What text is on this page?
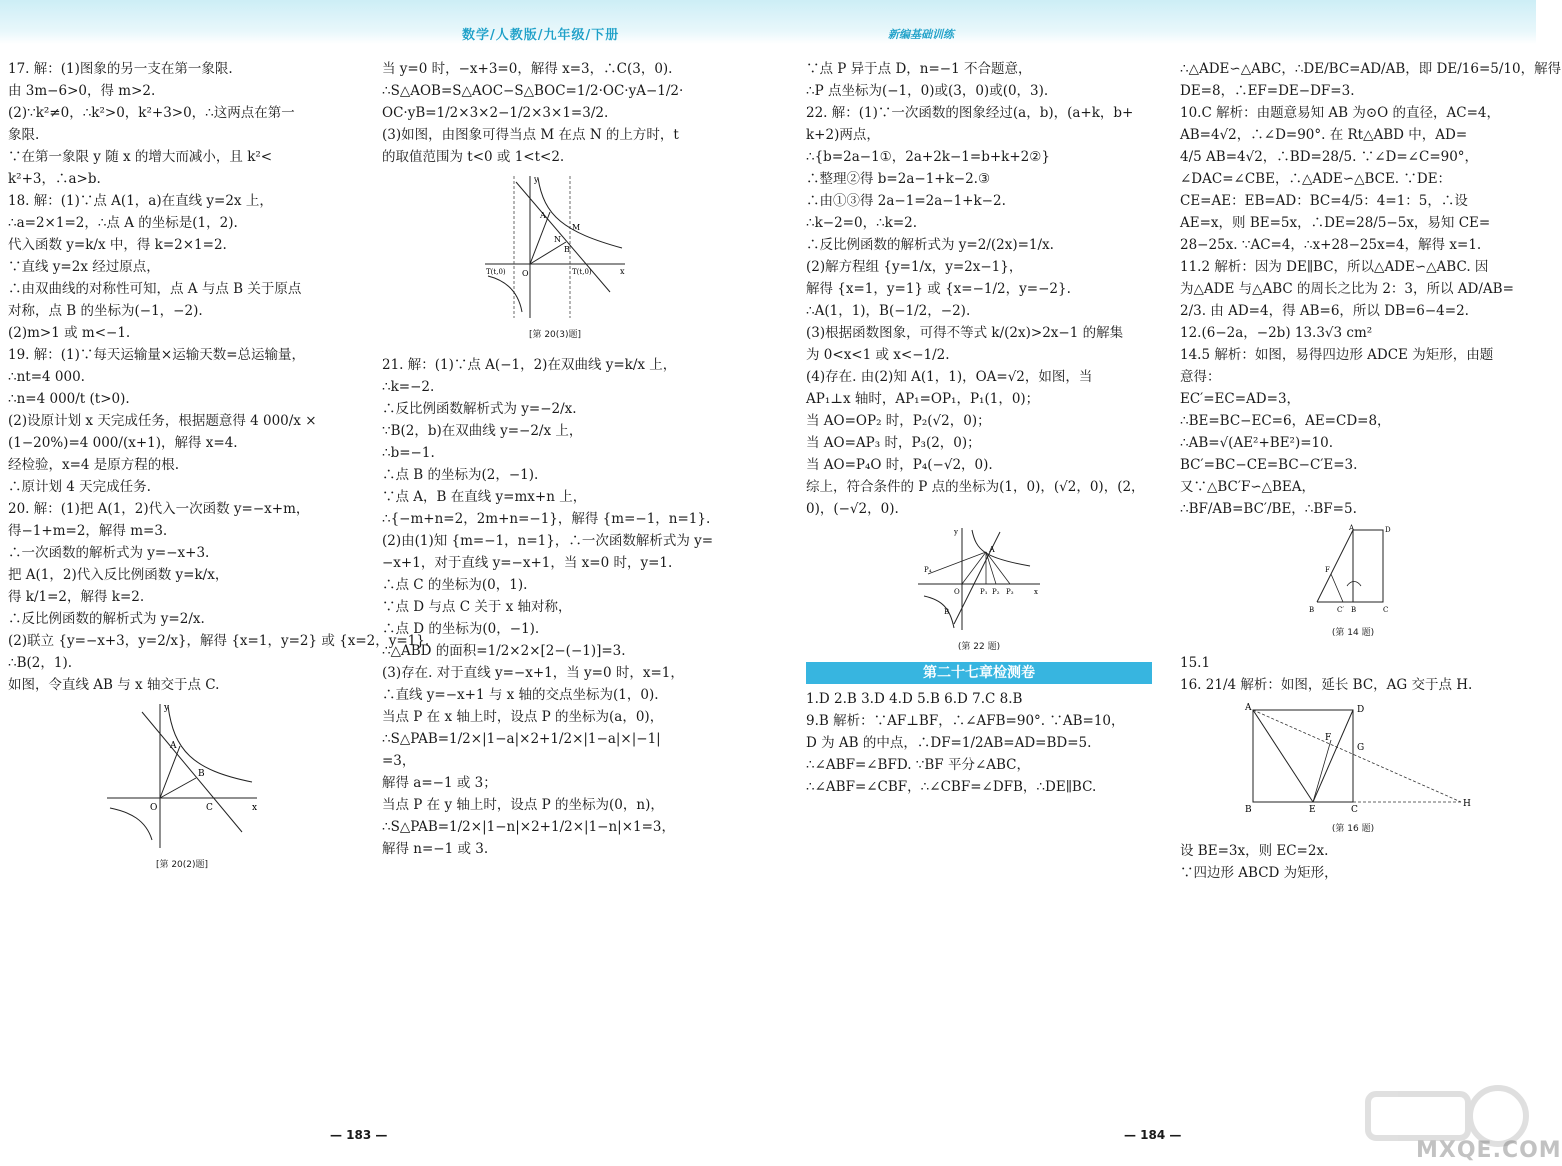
数学/人教版/九年级/下册	新编基础训练
17. 解：(1)图象的另一支在第一象限.
由 3m−6>0，得 m>2.
(2)∵k²≠0，∴k²>0，k²+3>0，∴这两点在第一
象限.
∵在第一象限 y 随 x 的增大而减小，且 k²<
k²+3，∴a>b.
18. 解：(1)∵点 A(1，a)在直线 y=2x 上，
∴a=2×1=2，∴点 A 的坐标是(1，2).
代入函数 y=k/x 中，得 k=2×1=2.
∵直线 y=2x 经过原点，
∴由双曲线的对称性可知，点 A 与点 B 关于原点
对称，点 B 的坐标为(−1，−2).
(2)m>1 或 m<−1.
19. 解：(1)∵每天运输量×运输天数=总运输量，
∴nt=4 000.
∴n=4 000/t (t>0).
(2)设原计划 x 天完成任务，根据题意得 4 000/x ×
(1−20%)=4 000/(x+1)，解得 x=4.
经检验，x=4 是原方程的根.
∴原计划 4 天完成任务.
20. 解：(1)把 A(1，2)代入一次函数 y=−x+m，
得−1+m=2，解得 m=3.
∴一次函数的解析式为 y=−x+3.
把 A(1，2)代入反比例函数 y=k/x，
得 k/1=2，解得 k=2.
∴反比例函数的解析式为 y=2/x.
(2)联立 {y=−x+3，y=2/x}，解得 {x=1，y=2} 或 {x=2，y=1}.
∴B(2，1).
如图，令直线 AB 与 x 轴交于点 C.
O
A
B
C	x
y
[第 20(2)题]
当 y=0 时，−x+3=0，解得 x=3，∴C(3，0).
∴S△AOB=S△AOC−S△BOC=1/2·OC·yA−1/2·
OC·yB=1/2×3×2−1/2×3×1=3/2.
(3)如图，由图象可得当点 M 在点 N 的上方时，t
的取值范围为 t<0 或 1<t<2.
O
A
B
M
N
T(t,0)	T(t,0)	x
y
[第 20(3)题]
21. 解：(1)∵点 A(−1，2)在双曲线 y=k/x 上，
∴k=−2.
∴反比例函数解析式为 y=−2/x.
∵B(2，b)在双曲线 y=−2/x 上，
∴b=−1.
∴点 B 的坐标为(2，−1).
∵点 A，B 在直线 y=mx+n 上，
∴{−m+n=2，2m+n=−1}，解得 {m=−1，n=1}.
(2)由(1)知 {m=−1，n=1}，∴一次函数解析式为 y=
−x+1，对于直线 y=−x+1，当 x=0 时，y=1.
∴点 C 的坐标为(0，1).
∵点 D 与点 C 关于 x 轴对称，
∴点 D 的坐标为(0，−1).
∴△ABD 的面积=1/2×2×[2−(−1)]=3.
(3)存在. 对于直线 y=−x+1，当 y=0 时，x=1，
∴直线 y=−x+1 与 x 轴的交点坐标为(1，0).
当点 P 在 x 轴上时，设点 P 的坐标为(a，0)，
∴S△PAB=1/2×|1−a|×2+1/2×|1−a|×|−1|
=3，
解得 a=−1 或 3；
当点 P 在 y 轴上时，设点 P 的坐标为(0，n)，
∴S△PAB=1/2×|1−n|×2+1/2×|1−n|×1=3，
解得 n=−1 或 3.
∵点 P 异于点 D，n=−1 不合题意，
∴P 点坐标为(−1，0)或(3，0)或(0，3).
22. 解：(1)∵一次函数的图象经过(a，b)，(a+k，b+
k+2)两点，
∴{b=2a−1①，2a+2k−1=b+k+2②}
∴整理②得 b=2a−1+k−2.③
∴由①③得 2a−1=2a−1+k−2.
∴k−2=0，∴k=2.
∴反比例函数的解析式为 y=2/(2x)=1/x.
(2)解方程组 {y=1/x，y=2x−1}，
解得 {x=1，y=1} 或 {x=−1/2，y=−2}.
∴A(1，1)，B(−1/2，−2).
(3)根据函数图象，可得不等式 k/(2x)>2x−1 的解集
为 0<x<1 或 x<−1/2.
(4)存在. 由(2)知 A(1，1)，OA=√2，如图，当
AP₁⊥x 轴时，AP₁=OP₁，P₁(1，0)；
当 AO=OP₂ 时，P₂(√2，0)；
当 AO=AP₃ 时，P₃(2，0)；
当 AO=P₄O 时，P₄(−√2，0).
综上，符合条件的 P 点的坐标为(1，0)，(√2，0)，(2，
0)，(−√2，0).
A
P₄
P₁ P₂ P₃
O
B
x
y
(第 22 题)
第二十七章检测卷
1.D 2.B 3.D 4.D 5.B 6.D 7.C 8.B
9.B 解析：∵AF⊥BF，∴∠AFB=90°. ∵AB=10，
D 为 AB 的中点，∴DF=1/2AB=AD=BD=5.
∴∠ABF=∠BFD. ∵BF 平分∠ABC，
∴∠ABF=∠CBF，∴∠CBF=∠DFB，∴DE∥BC.
∴△ADE∽△ABC，∴DE/BC=AD/AB，即 DE/16=5/10，解得
DE=8，∴EF=DE−DF=3.
10.C 解析：由题意易知 AB 为⊙O 的直径，AC=4，
AB=4√2，∴∠D=90°. 在 Rt△ABD 中，AD=
4/5 AB=4√2，∴BD=28/5. ∵∠D=∠C=90°，
∠DAC=∠CBE，∴△ADE∽△BCE. ∵DE：
CE=AE：EB=AD：BC=4/5：4=1：5，∴设
AE=x，则 BE=5x，∴DE=28/5−5x，易知 CE=
28−25x. ∵AC=4，∴x+28−25x=4，解得 x=1.
11.2 解析：因为 DE∥BC，所以△ADE∽△ABC. 因
为△ADE 与△ABC 的周长之比为 2：3，所以 AD/AB=
2/3. 由 AD=4，得 AB=6，所以 DB=6−4=2.
12.(6−2a，−2b) 13.3√3 cm²
14.5 解析：如图，易得四边形 ADCE 为矩形，由题
意得：
EC′=EC=AD=3，
∴BE=BC−EC=6，AE=CD=8，
∴AB=√(AE²+BE²)=10.
BC′=BC−CE=BC−C′E=3.
又∵△BC′F∽△BEA，
∴BF/AB=BC′/BE，∴BF=5.
A	D
B	C′ B	C
F
(第 14 题)
15.1
16. 21/4 解析：如图，延长 BC，AG 交于点 H.
A	D
B	E	C
F
G
H
(第 16 题)
设 BE=3x，则 EC=2x.
∵四边形 ABCD 为矩形，
— 183 —	— 184 —
MXQE.COM
